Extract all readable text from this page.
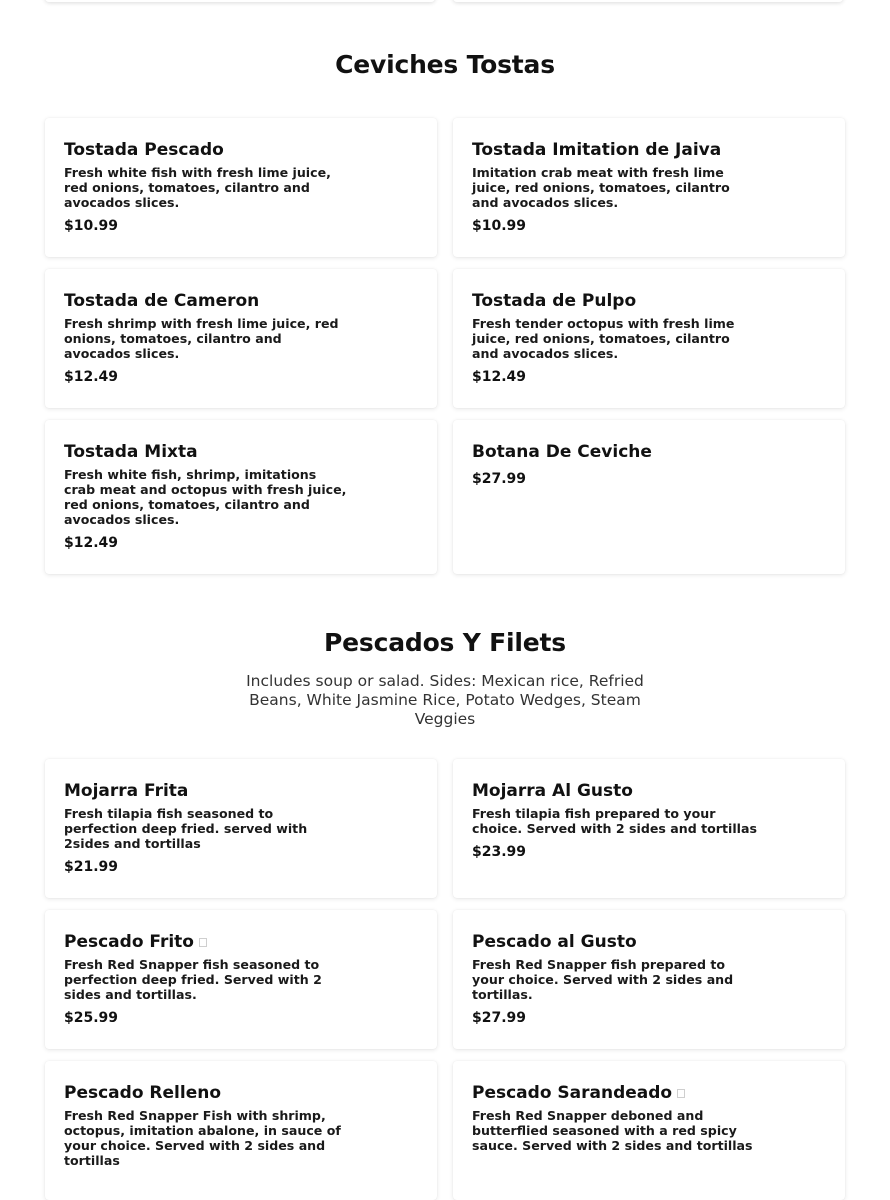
Ceviches Tostas
Tostada Pescado

Fresh white fish with fresh lime juice, red onions, tomatoes, cilantro and avocados slices.

$10.99
Tostada Imitation de Jaiva

Imitation crab meat with fresh lime juice, red onions, tomatoes, cilantro and avocados slices.

$10.99
Tostada de Cameron

Fresh shrimp with fresh lime juice, red onions, tomatoes, cilantro and avocados slices.

$12.49
Tostada de Pulpo

Fresh tender octopus with fresh lime juice, red onions, tomatoes, cilantro and avocados slices.

$12.49
Tostada Mixta

Fresh white fish, shrimp, imitations crab meat and octopus with fresh juice, red onions, tomatoes, cilantro and avocados slices.

$12.49
Botana De Ceviche
$27.99
Pescados Y Filets

Includes soup or salad. Sides: Mexican rice, Refried Beans, White Jasmine Rice, Potato Wedges, Steam Veggies

Mojarra Frita

Fresh tilapia fish seasoned to perfection deep fried. served with 2sides and tortillas

$21.99
Mojarra Al Gusto

Fresh tilapia fish prepared to your choice. Served with 2 sides and tortillas

$23.99
Pescado Frito

Fresh Red Snapper fish seasoned to perfection deep fried. Served with 2 sides and tortillas.

$25.99
Pescado al Gusto

Fresh Red Snapper fish prepared to your choice. Served with 2 sides and tortillas.

$27.99
Pescado Relleno

Fresh Red Snapper Fish with shrimp, octopus, imitation abalone, in sauce of your choice. Served with 2 sides and tortillas

Pescado Sarandeado

Fresh Red Snapper deboned and butterflied seasoned with a red spicy sauce. Served with 2 sides and tortillas
